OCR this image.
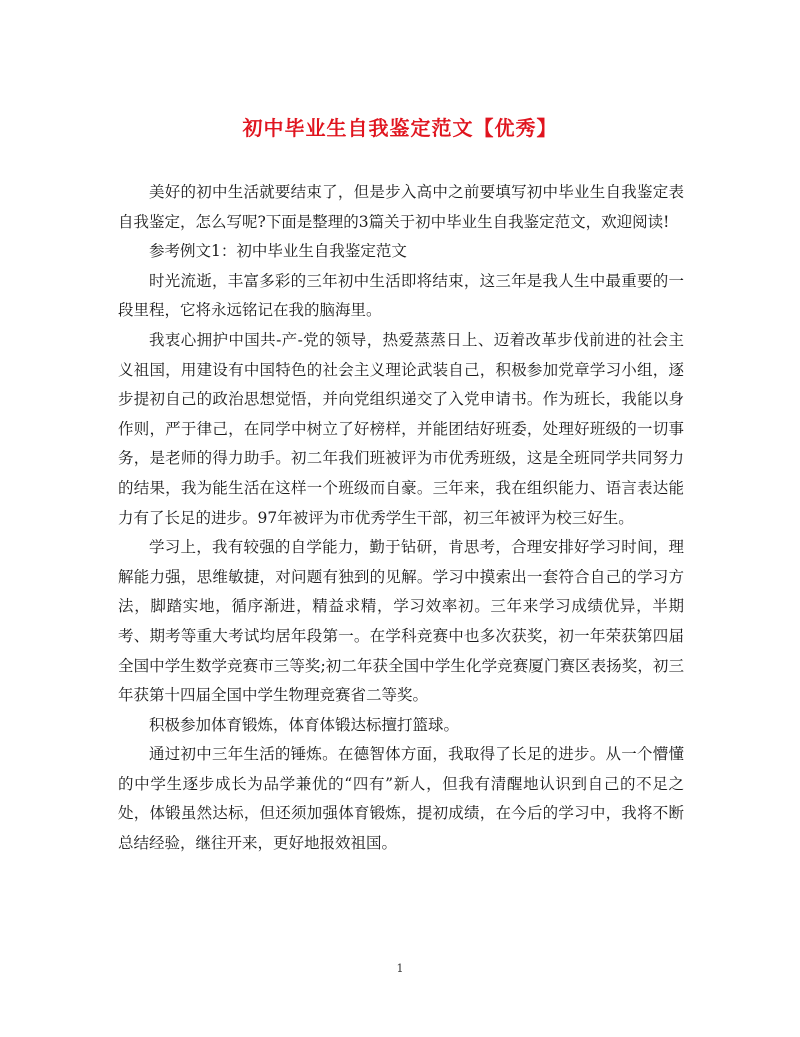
初中毕业生自我鉴定范文【优秀】

美好的初中生活就要结束了，但是步入高中之前要填写初中毕业生自我鉴定表自我鉴定，怎么写呢?下面是整理的3篇关于初中毕业生自我鉴定范文，欢迎阅读!

参考例文1：初中毕业生自我鉴定范文

时光流逝，丰富多彩的三年初中生活即将结束，这三年是我人生中最重要的一段里程，它将永远铭记在我的脑海里。

我衷心拥护中国共-产-党的领导，热爱蒸蒸日上、迈着改革步伐前进的社会主义祖国，用建设有中国特色的社会主义理论武装自己，积极参加党章学习小组，逐步提初自己的政治思想觉悟，并向党组织递交了入党申请书。作为班长，我能以身作则，严于律己，在同学中树立了好榜样，并能团结好班委，处理好班级的一切事务，是老师的得力助手。初二年我们班被评为市优秀班级，这是全班同学共同努力的结果，我为能生活在这样一个班级而自豪。三年来，我在组织能力、语言表达能力有了长足的进步。97年被评为市优秀学生干部，初三年被评为校三好生。

学习上，我有较强的自学能力，勤于钻研，肯思考，合理安排好学习时间，理解能力强，思维敏捷，对问题有独到的见解。学习中摸索出一套符合自己的学习方法，脚踏实地，循序渐进，精益求精，学习效率初。三年来学习成绩优异，半期考、期考等重大考试均居年段第一。在学科竞赛中也多次获奖，初一年荣获第四届全国中学生数学竞赛市三等奖;初二年获全国中学生化学竞赛厦门赛区表扬奖，初三年获第十四届全国中学生物理竞赛省二等奖。

积极参加体育锻炼，体育体锻达标擅打篮球。

通过初中三年生活的锤炼。在德智体方面，我取得了长足的进步。从一个懵懂的中学生逐步成长为品学兼优的“四有”新人，但我有清醒地认识到自己的不足之处，体锻虽然达标，但还须加强体育锻炼，提初成绩，在今后的学习中，我将不断总结经验，继往开来，更好地报效祖国。

1
